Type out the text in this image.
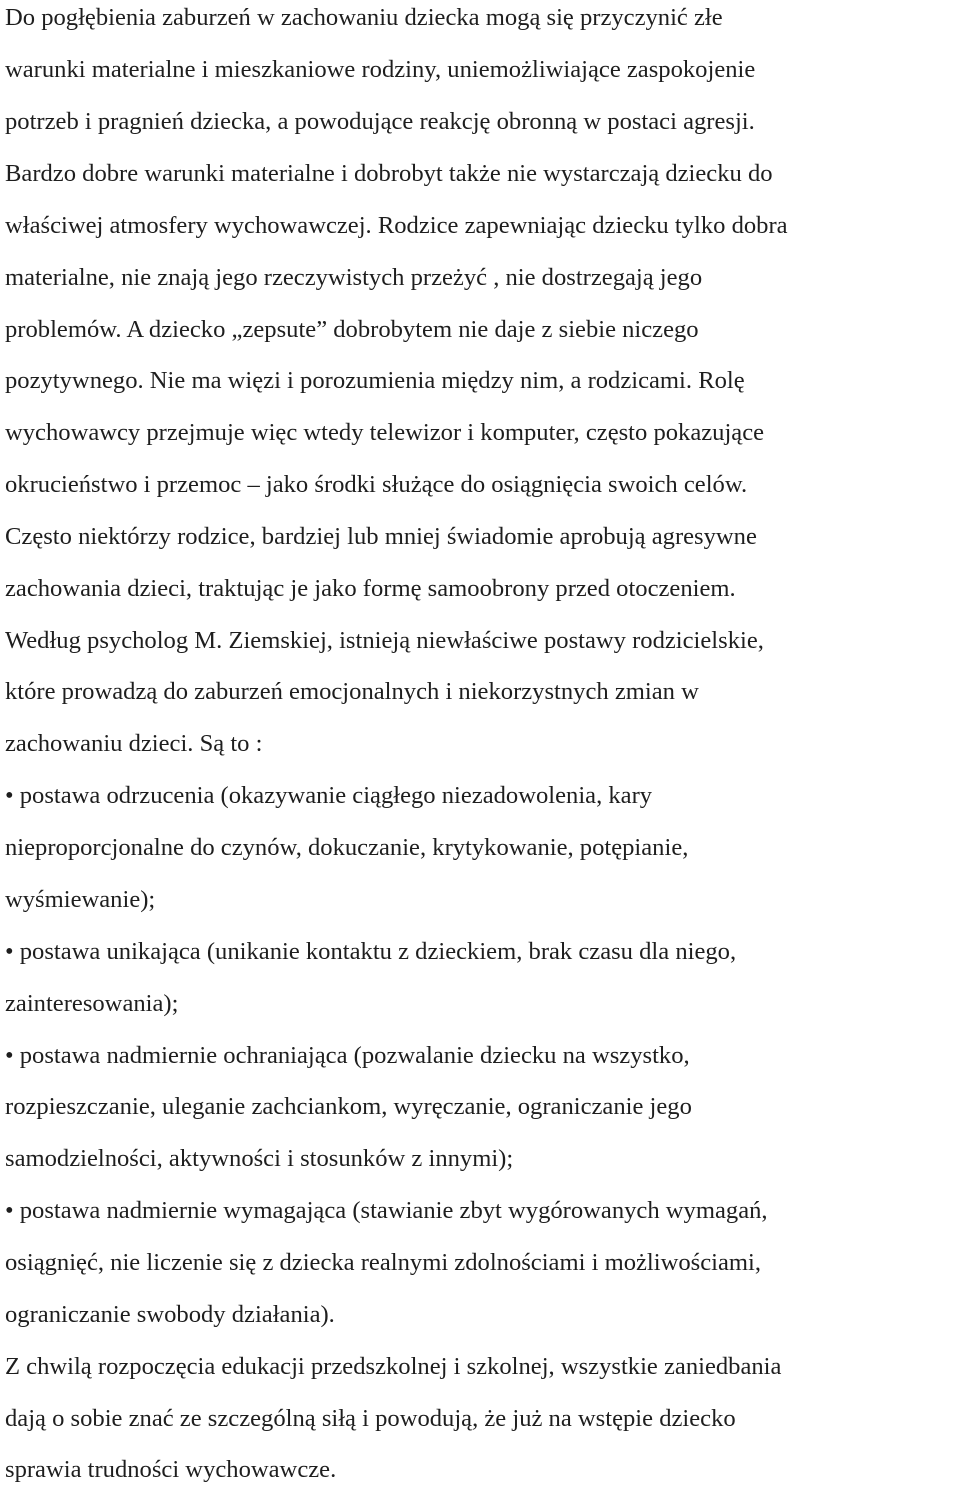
Do pogłębienia zaburzeń w zachowaniu dziecka mogą się przyczynić złe
warunki materialne i mieszkaniowe rodziny, uniemożliwiające zaspokojenie
potrzeb i pragnień dziecka, a powodujące reakcję obronną w postaci agresji.
Bardzo dobre warunki materialne i dobrobyt także nie wystarczają dziecku do
właściwej atmosfery wychowawczej. Rodzice zapewniając dziecku tylko dobra
materialne, nie znają jego rzeczywistych przeżyć , nie dostrzegają jego
problemów. A dziecko „zepsute” dobrobytem nie daje z siebie niczego
pozytywnego. Nie ma więzi i porozumienia między nim, a rodzicami. Rolę
wychowawcy przejmuje więc wtedy telewizor i komputer, często pokazujące
okrucieństwo i przemoc – jako środki służące do osiągnięcia swoich celów.
Często niektórzy rodzice, bardziej lub mniej świadomie aprobują agresywne
zachowania dzieci, traktując je jako formę samoobrony przed otoczeniem.
Według psycholog M. Ziemskiej, istnieją niewłaściwe postawy rodzicielskie,
które prowadzą do zaburzeń emocjonalnych i niekorzystnych zmian w
zachowaniu dzieci. Są to :
• postawa odrzucenia (okazywanie ciągłego niezadowolenia, kary
nieproporcjonalne do czynów, dokuczanie, krytykowanie, potępianie,
wyśmiewanie);
• postawa unikająca (unikanie kontaktu z dzieckiem, brak czasu dla niego,
zainteresowania);
• postawa nadmiernie ochraniająca (pozwalanie dziecku na wszystko,
rozpieszczanie, uleganie zachciankom, wyręczanie, ograniczanie jego
samodzielności, aktywności i stosunków z innymi);
• postawa nadmiernie wymagająca (stawianie zbyt wygórowanych wymagań,
osiągnięć, nie liczenie się z dziecka realnymi zdolnościami i możliwościami,
ograniczanie swobody działania).
Z chwilą rozpoczęcia edukacji przedszkolnej i szkolnej, wszystkie zaniedbania
dają o sobie znać ze szczególną siłą i powodują, że już na wstępie dziecko
sprawia trudności wychowawcze.
